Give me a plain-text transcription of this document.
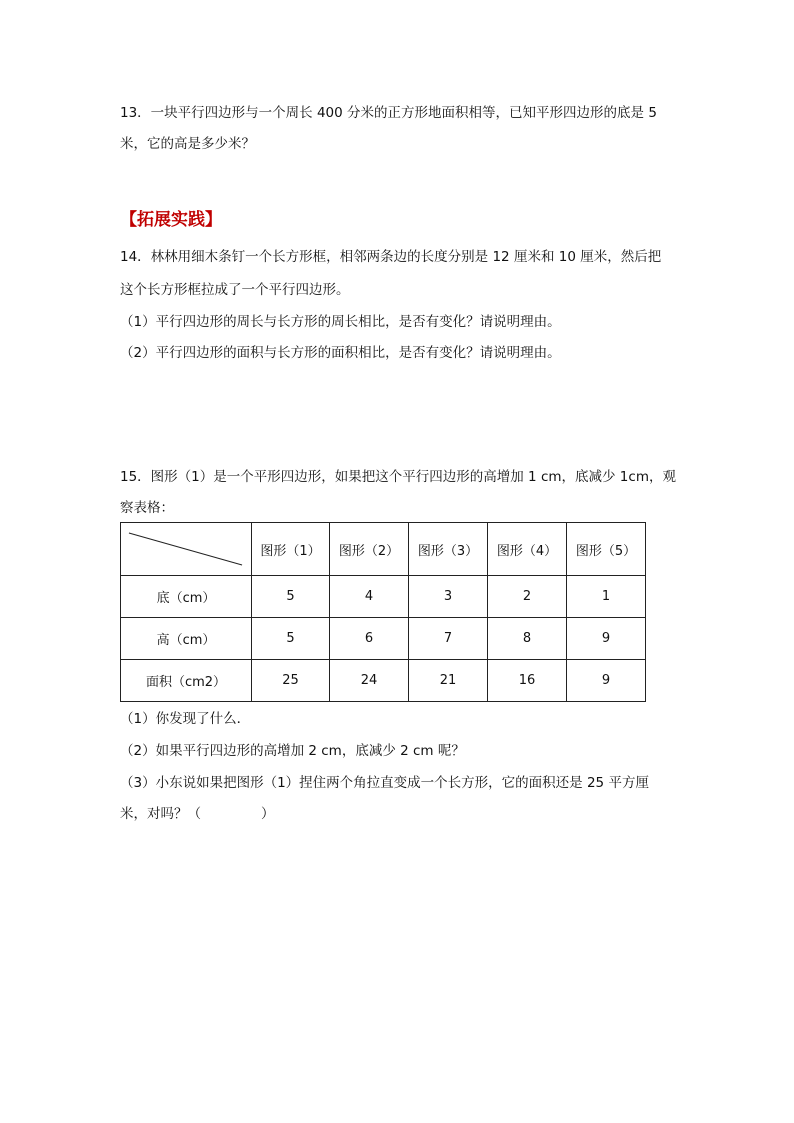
13．一块平行四边形与一个周长 400 分米的正方形地面积相等，已知平形四边形的底是 5
米，它的高是多少米？
【拓展实践】
14．林林用细木条钉一个长方形框，相邻两条边的长度分别是 12 厘米和 10 厘米，然后把
这个长方形框拉成了一个平行四边形。
（1）平行四边形的周长与长方形的周长相比，是否有变化？请说明理由。
（2）平行四边形的面积与长方形的面积相比，是否有变化？请说明理由。
15．图形（1）是一个平形四边形，如果把这个平行四边形的高增加 1 cm，底减少 1cm，观
察表格：
	图形（1）	图形（2）	图形（3）	图形（4）	图形（5）
底（cm）	5	4	3	2	1
高（cm）	5	6	7	8	9
面积（cm2）	25	24	21	16	9
（1）你发现了什么．
（2）如果平行四边形的高增加 2 cm，底减少 2 cm 呢？
（3）小东说如果把图形（1）捏住两个角拉直变成一个长方形，它的面积还是 25 平方厘
米，对吗？（	）
